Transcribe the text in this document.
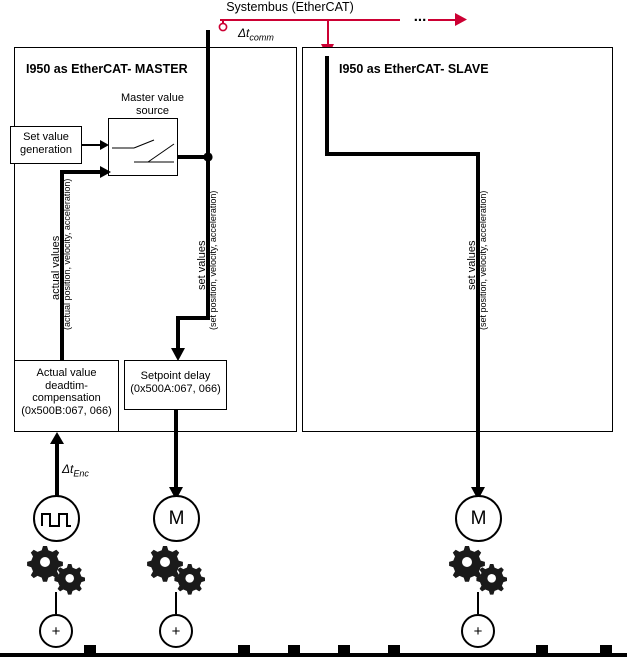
Systembus (EtherCAT)
...
$\Delta t_{comm}$
I950 as EtherCAT- MASTER
Set value
generation
Master value
source
actual values (actual position, velocity, acceleration)	set values (set position, velocity, acceleration)
Actual value
deadtim-
compensation
(0x500B:067, 066)
Setpoint delay
(0x500A:067, 066)
$\Delta t_{Enc}$
I950 as EtherCAT- SLAVE
set values (set position, velocity, acceleration)
M	M
+	+	+
